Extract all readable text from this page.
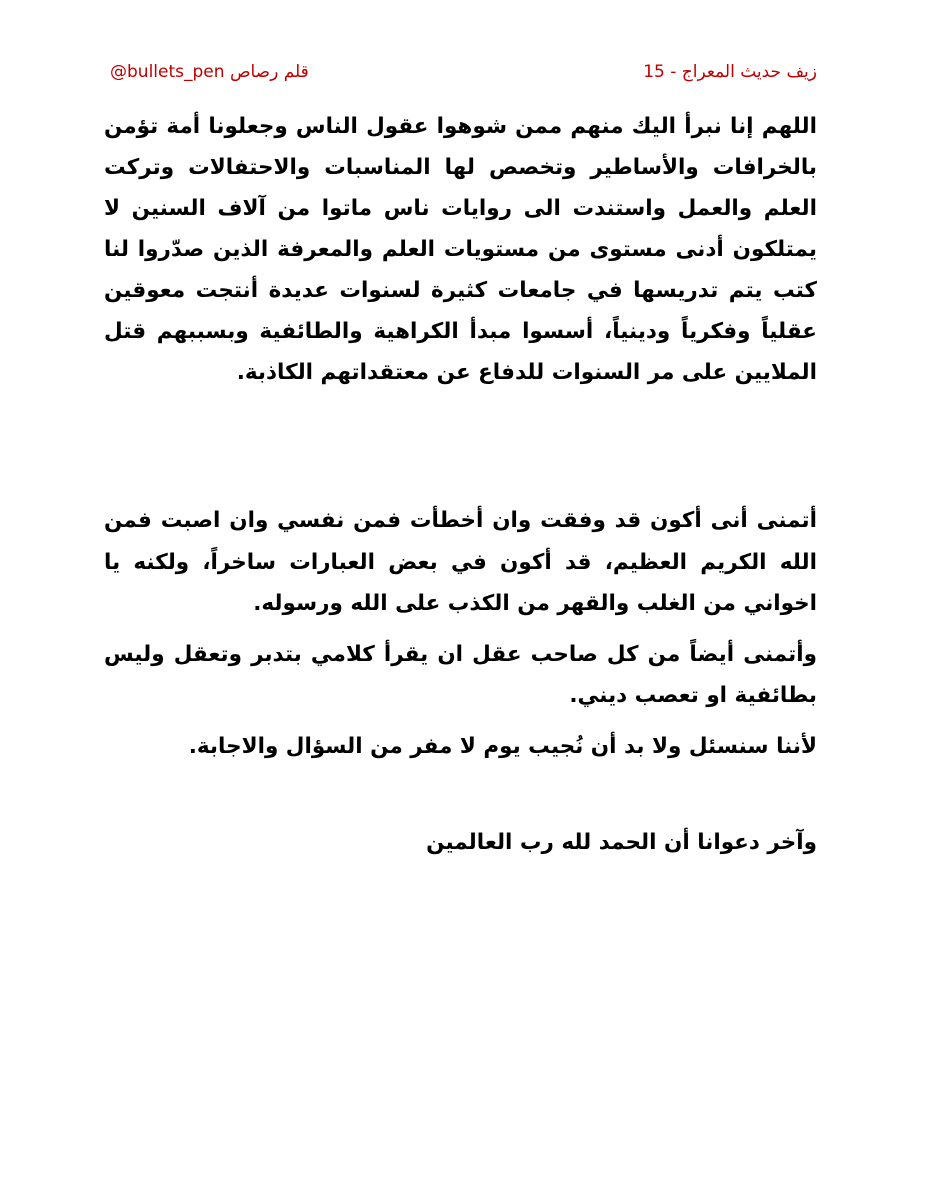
زيف حديث المعراج - 15
@bullets_pen قلم رصاص

اللهم إنا نبرأ اليك منهم ممن شوهوا عقول الناس وجعلونا أمة تؤمن بالخرافات والأساطير وتخصص لها المناسبات والاحتفالات وتركت العلم والعمل واستندت الى روايات ناس ماتوا من آلاف السنين لا يمتلكون أدنى مستوى من مستويات العلم والمعرفة الذين صدّروا لنا كتب يتم تدريسها في جامعات كثيرة لسنوات عديدة أنتجت معوقين عقلياً وفكرياً ودينياً، أسسوا مبدأ الكراهية والطائفية وبسببهم قتل الملايين على مر السنوات للدفاع عن معتقداتهم الكاذبة.

أتمنى أنى أكون قد وفقت وان أخطأت فمن نفسي وان اصبت فمن الله الكريم العظيم، قد أكون في بعض العبارات ساخراً، ولكنه يا اخواني من الغلب والقهر من الكذب على الله ورسوله.

وأتمنى أيضاً من كل صاحب عقل ان يقرأ كلامي بتدبر وتعقل وليس بطائفية او تعصب ديني.

لأننا سنسئل ولا بد أن نُجيب يوم لا مفر من السؤال والاجابة.

وآخر دعوانا أن الحمد لله رب العالمين
